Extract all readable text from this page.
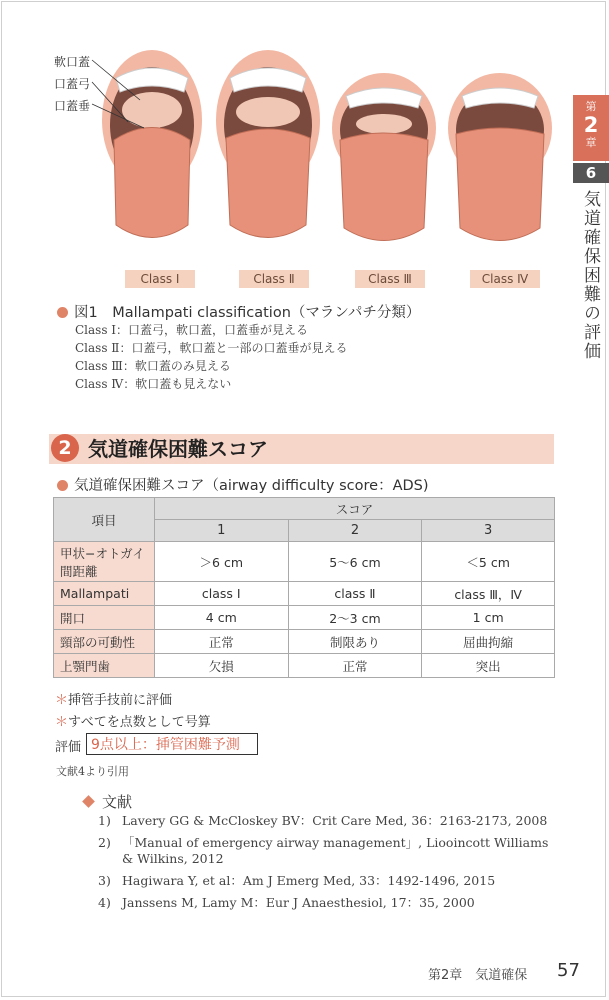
軟口蓋
口蓋弓
口蓋垂
Class Ⅰ	Class Ⅱ	Class Ⅲ	Class Ⅳ
図1　Mallampati classification（マランパチ分類）
Class Ⅰ：口蓋弓，軟口蓋，口蓋垂が見える
Class Ⅱ：口蓋弓，軟口蓋と一部の口蓋垂が見える
Class Ⅲ：軟口蓋のみ見える
Class Ⅳ：軟口蓋も見えない
第
2
章
6
気道確保困難の評価
2 気道確保困難スコア
気道確保困難スコア（airway difficulty score：ADS)
項目	スコア		
	1	2	3
甲状−オトガイ間距離	＞6 cm	5〜6 cm	＜5 cm
Mallampati	class Ⅰ	class Ⅱ	class Ⅲ，Ⅳ
開口	4 cm	2〜3 cm	1 cm
頸部の可動性	正常	制限あり	屈曲拘縮
上顎門歯	欠損	正常	突出
＊挿管手技前に評価
＊すべてを点数として号算
評価 9点以上：挿管困難予測
文献4より引用
文献
1) Lavery GG & McCloskey BV：Crit Care Med, 36：2163-2173, 2008
2) 「Manual of emergency airway management」, Liooincott Williams & Wilkins, 2012
3) Hagiwara Y, et al：Am J Emerg Med, 33：1492-1496, 2015
4) Janssens M, Lamy M：Eur J Anaesthesiol, 17：35, 2000
第2章　気道確保 57
